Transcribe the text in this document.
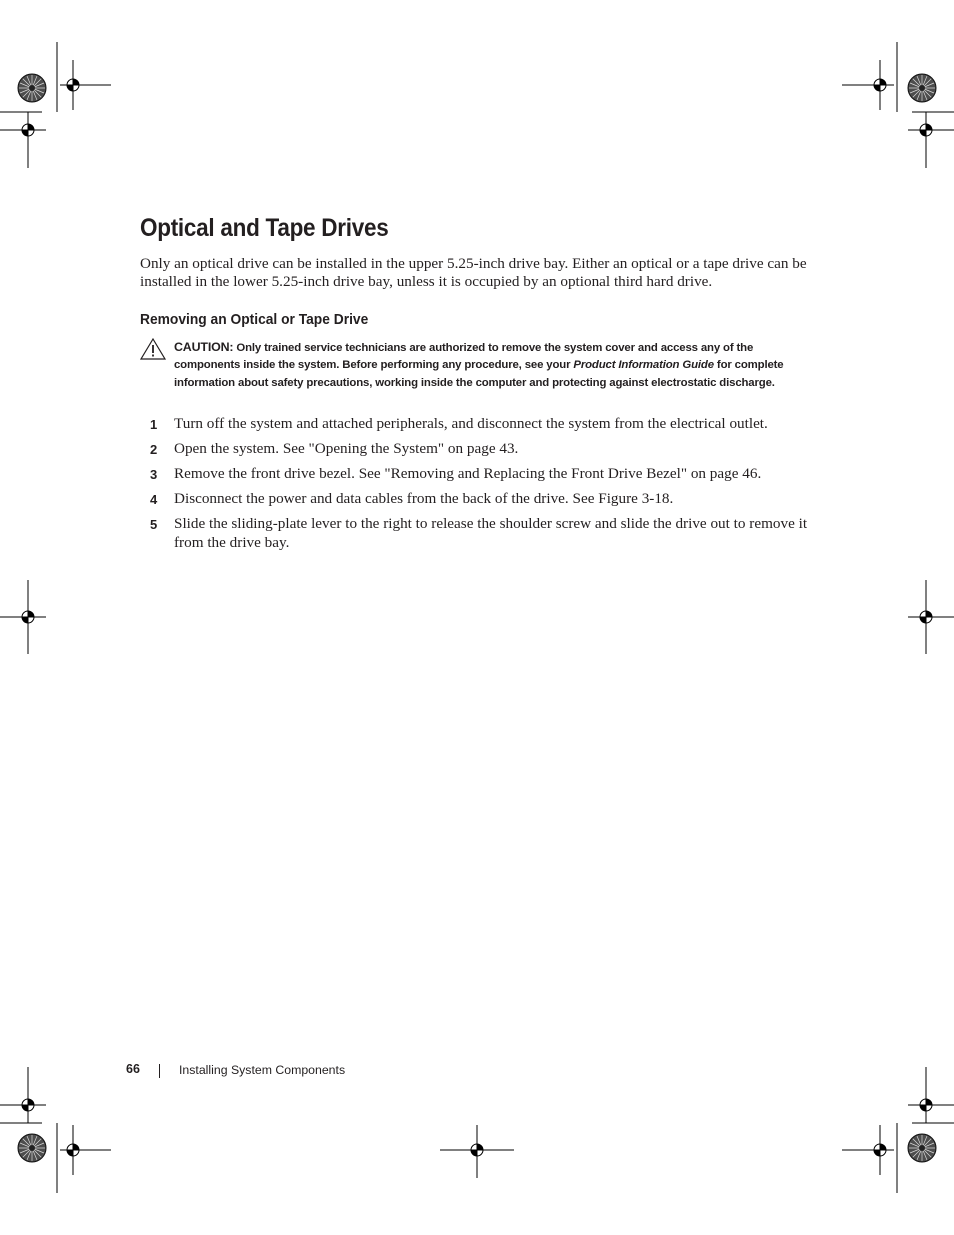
Optical and Tape Drives

Only an optical drive can be installed in the upper 5.25-inch drive bay. Either an optical or a tape drive can be installed in the lower 5.25-inch drive bay, unless it is occupied by an optional third hard drive.

Removing an Optical or Tape Drive

CAUTION: Only trained service technicians are authorized to remove the system cover and access any of the components inside the system. Before performing any procedure, see your Product Information Guide for complete information about safety precautions, working inside the computer and protecting against electrostatic discharge.

1 Turn off the system and attached peripherals, and disconnect the system from the electrical outlet.
2 Open the system. See "Opening the System" on page 43.
3 Remove the front drive bezel. See "Removing and Replacing the Front Drive Bezel" on page 46.
4 Disconnect the power and data cables from the back of the drive. See Figure 3-18.
5 Slide the sliding-plate lever to the right to release the shoulder screw and slide the drive out to remove it from the drive bay.
66	Installing System Components
